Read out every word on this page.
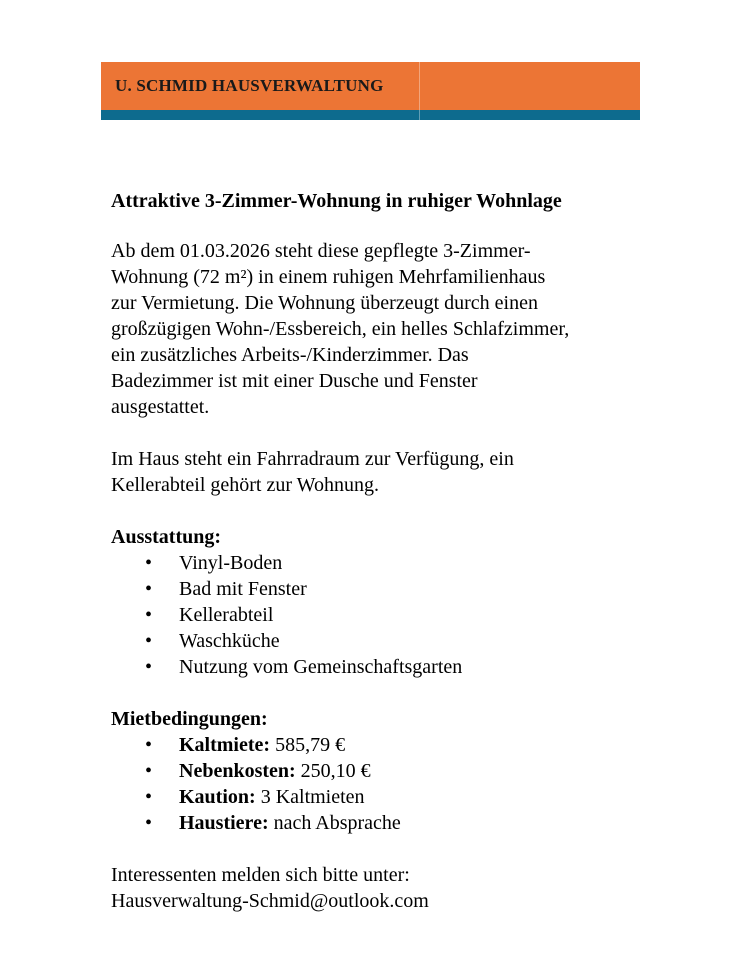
U. SCHMID HAUSVERWALTUNG

Attraktive 3-Zimmer-Wohnung in ruhiger Wohnlage

Ab dem 01.03.2026 steht diese gepflegte 3-Zimmer-
Wohnung (72 m²) in einem ruhigen Mehrfamilienhaus
zur Vermietung. Die Wohnung überzeugt durch einen
großzügigen Wohn-/Essbereich, ein helles Schlafzimmer,
ein zusätzliches Arbeits-/Kinderzimmer. Das
Badezimmer ist mit einer Dusche und Fenster
ausgestattet.

Im Haus steht ein Fahrradraum zur Verfügung, ein
Kellerabteil gehört zur Wohnung.

Ausstattung:

• Vinyl-Boden
• Bad mit Fenster
• Kellerabteil
• Waschküche
• Nutzung vom Gemeinschaftsgarten

Mietbedingungen:

• Kaltmiete: 585,79 €
• Nebenkosten: 250,10 €
• Kaution: 3 Kaltmieten
• Haustiere: nach Absprache

Interessenten melden sich bitte unter:
Hausverwaltung-Schmid@outlook.com
